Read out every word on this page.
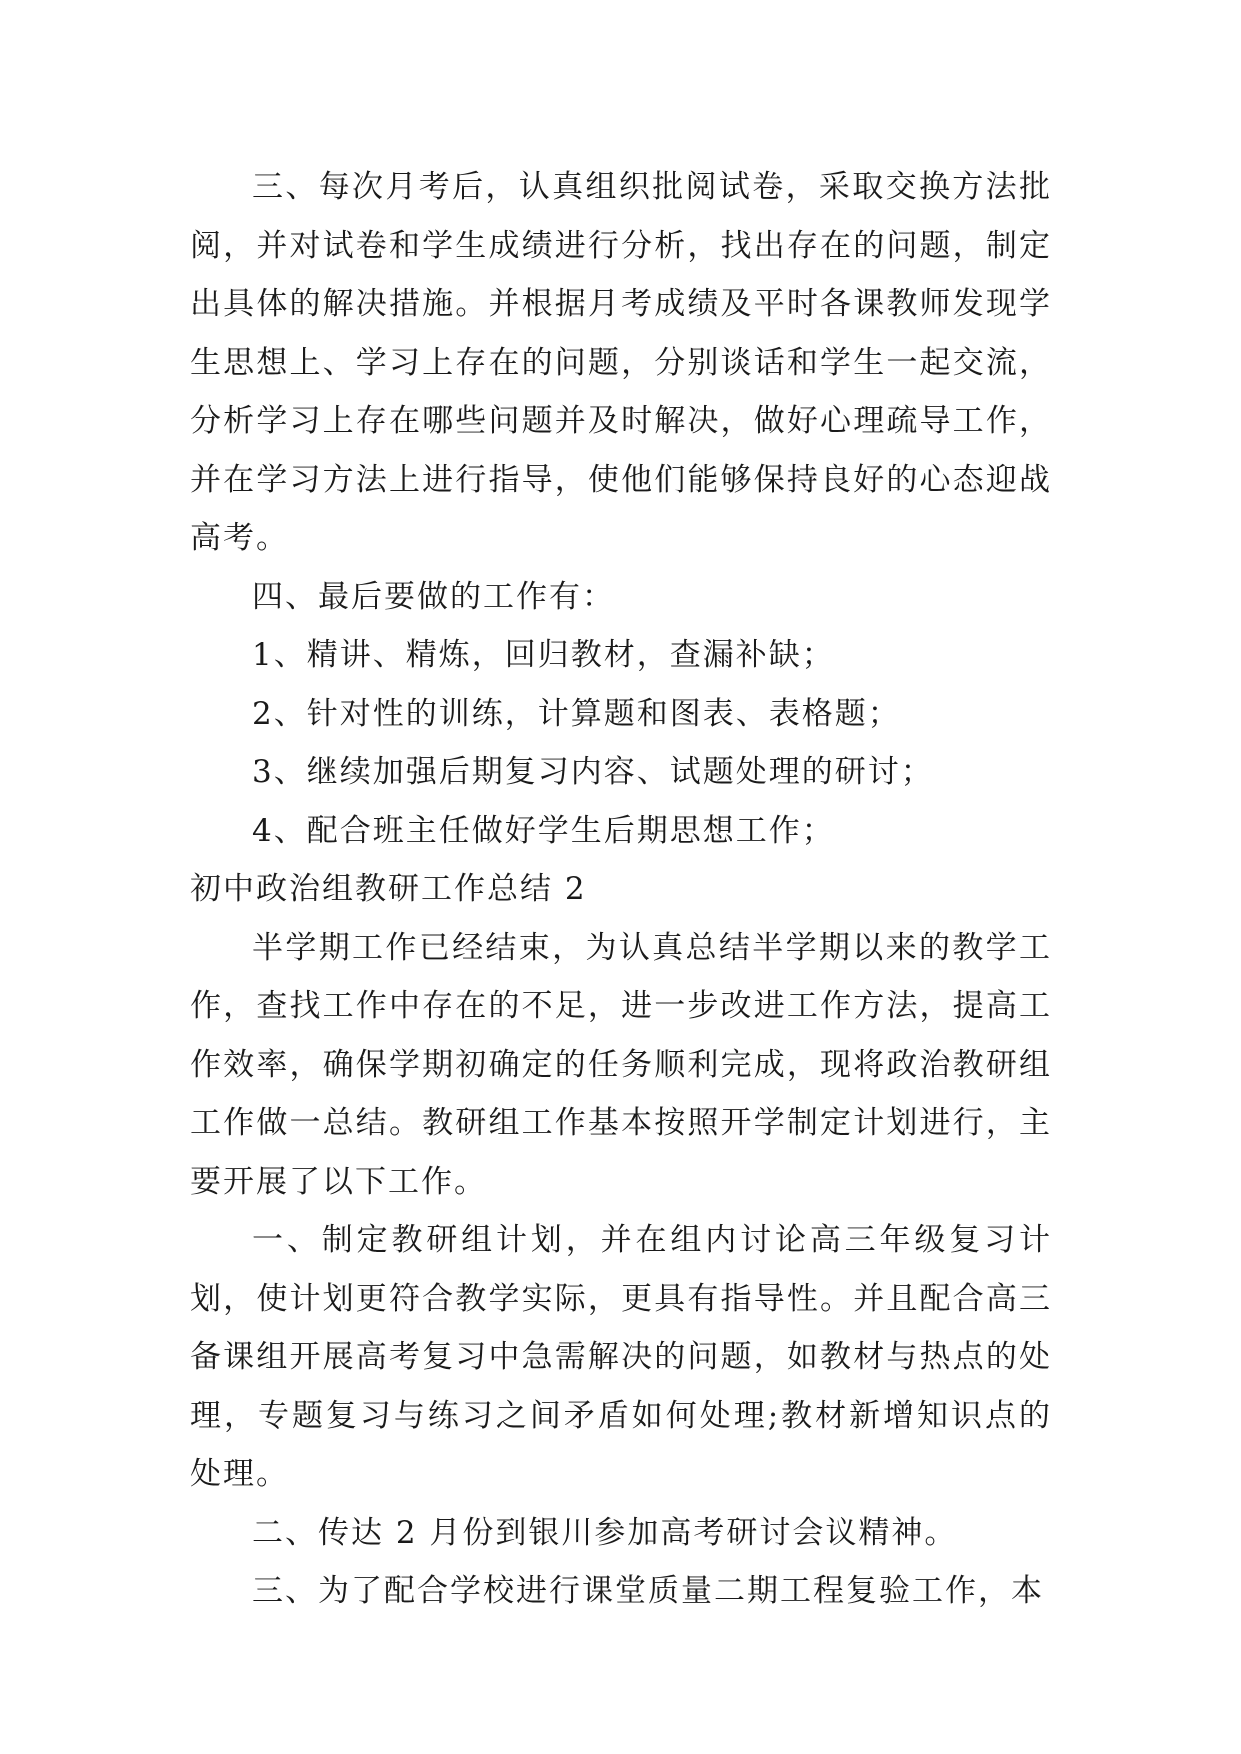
三、每次月考后，认真组织批阅试卷，采取交换方法批阅，并对试卷和学生成绩进行分析，找出存在的问题，制定出具体的解决措施。并根据月考成绩及平时各课教师发现学生思想上、学习上存在的问题，分别谈话和学生一起交流，分析学习上存在哪些问题并及时解决，做好心理疏导工作，并在学习方法上进行指导，使他们能够保持良好的心态迎战高考。

四、最后要做的工作有：

1、精讲、精炼，回归教材，查漏补缺；

2、针对性的训练，计算题和图表、表格题；

3、继续加强后期复习内容、试题处理的研讨；

4、配合班主任做好学生后期思想工作；

初中政治组教研工作总结 2

半学期工作已经结束，为认真总结半学期以来的教学工作，查找工作中存在的不足，进一步改进工作方法，提高工作效率，确保学期初确定的任务顺利完成，现将政治教研组工作做一总结。教研组工作基本按照开学制定计划进行，主要开展了以下工作。

一、制定教研组计划，并在组内讨论高三年级复习计划，使计划更符合教学实际，更具有指导性。并且配合高三备课组开展高考复习中急需解决的问题，如教材与热点的处理，专题复习与练习之间矛盾如何处理;教材新增知识点的处理。

二、传达 2 月份到银川参加高考研讨会议精神。

三、为了配合学校进行课堂质量二期工程复验工作，本
